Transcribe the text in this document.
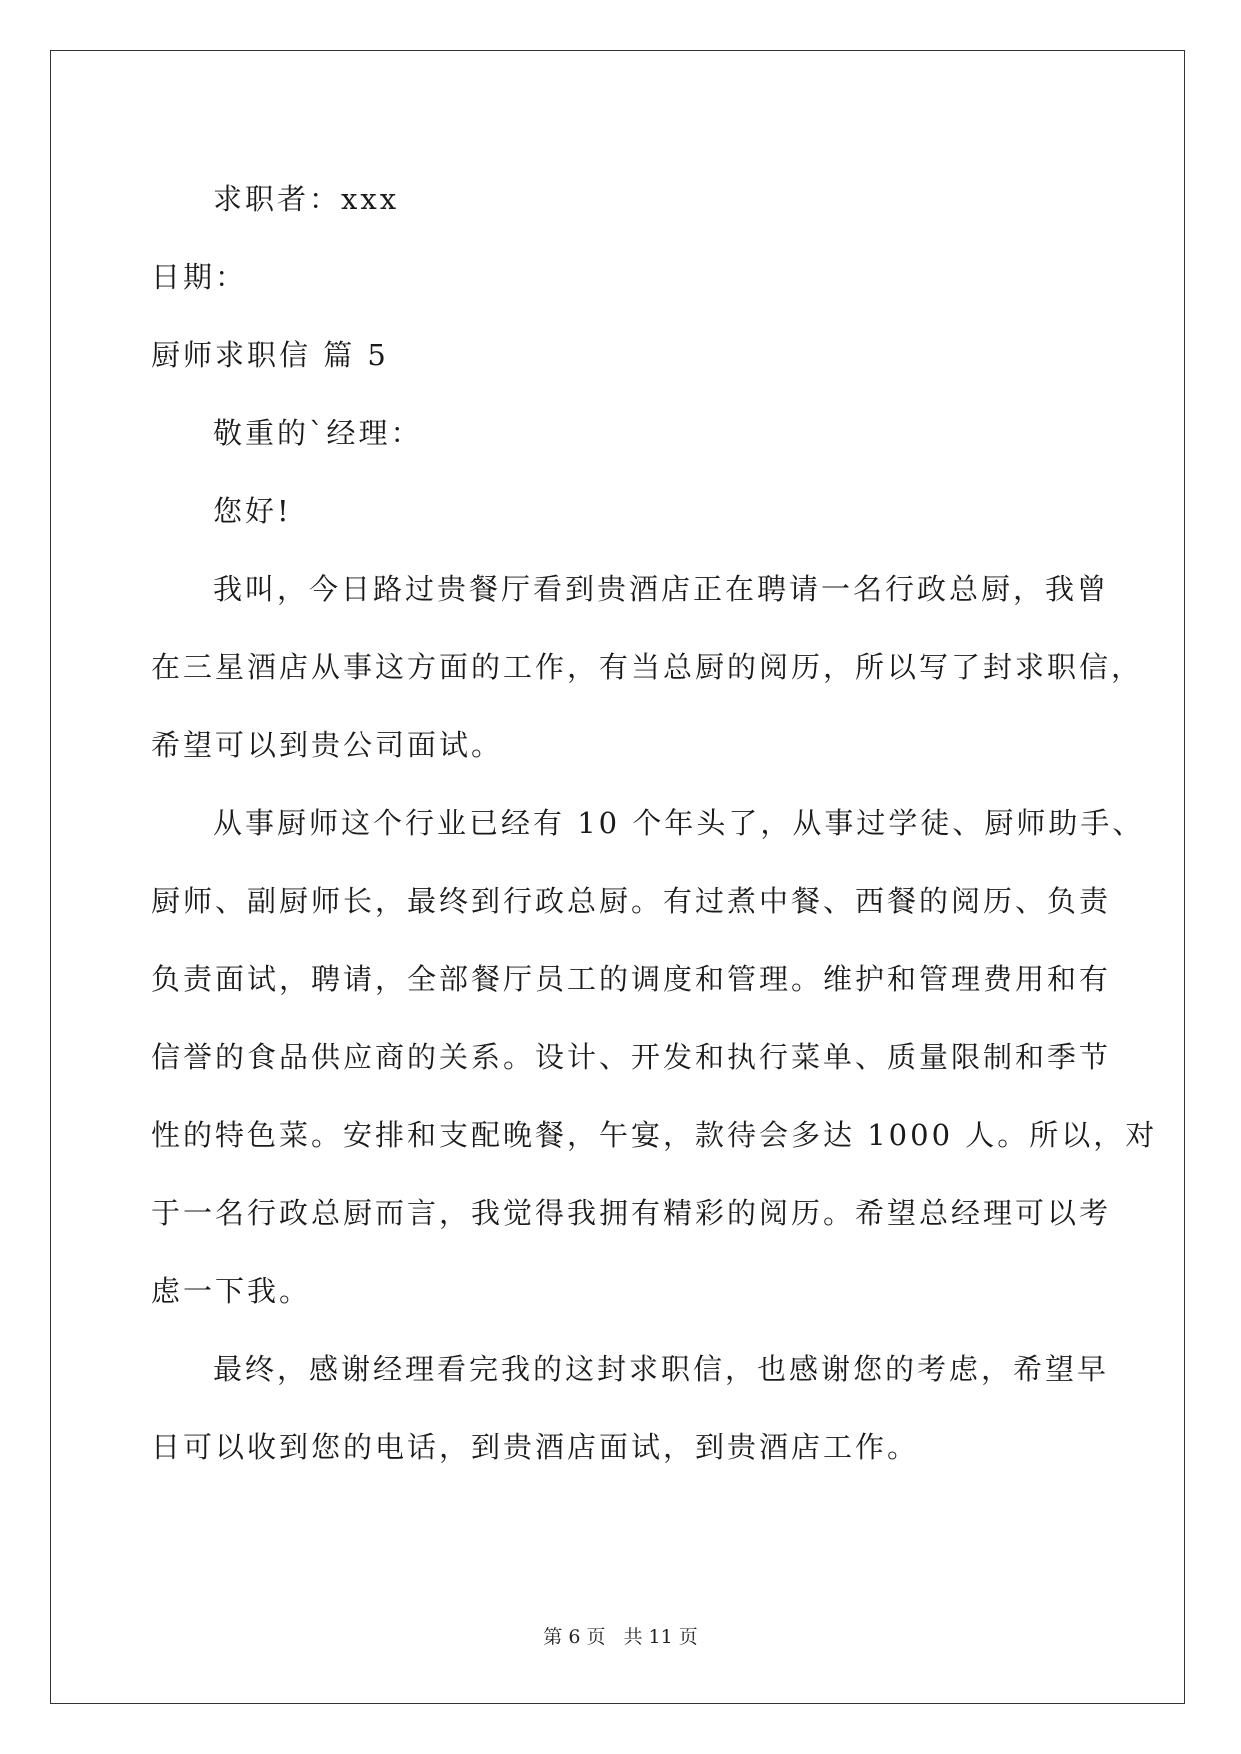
求职者：xxx
日期：
厨师求职信 篇 5
敬重的`经理：
您好!
我叫，今日路过贵餐厅看到贵酒店正在聘请一名行政总厨，我曾
在三星酒店从事这方面的工作，有当总厨的阅历，所以写了封求职信，
希望可以到贵公司面试。
从事厨师这个行业已经有 10 个年头了，从事过学徒、厨师助手、
厨师、副厨师长，最终到行政总厨。有过煮中餐、西餐的阅历、负责
负责面试，聘请，全部餐厅员工的调度和管理。维护和管理费用和有
信誉的食品供应商的关系。设计、开发和执行菜单、质量限制和季节
性的特色菜。安排和支配晚餐，午宴，款待会多达 1000 人。所以，对
于一名行政总厨而言，我觉得我拥有精彩的阅历。希望总经理可以考
虑一下我。
最终，感谢经理看完我的这封求职信，也感谢您的考虑，希望早
日可以收到您的电话，到贵酒店面试，到贵酒店工作。
第 6 页 共 11 页
